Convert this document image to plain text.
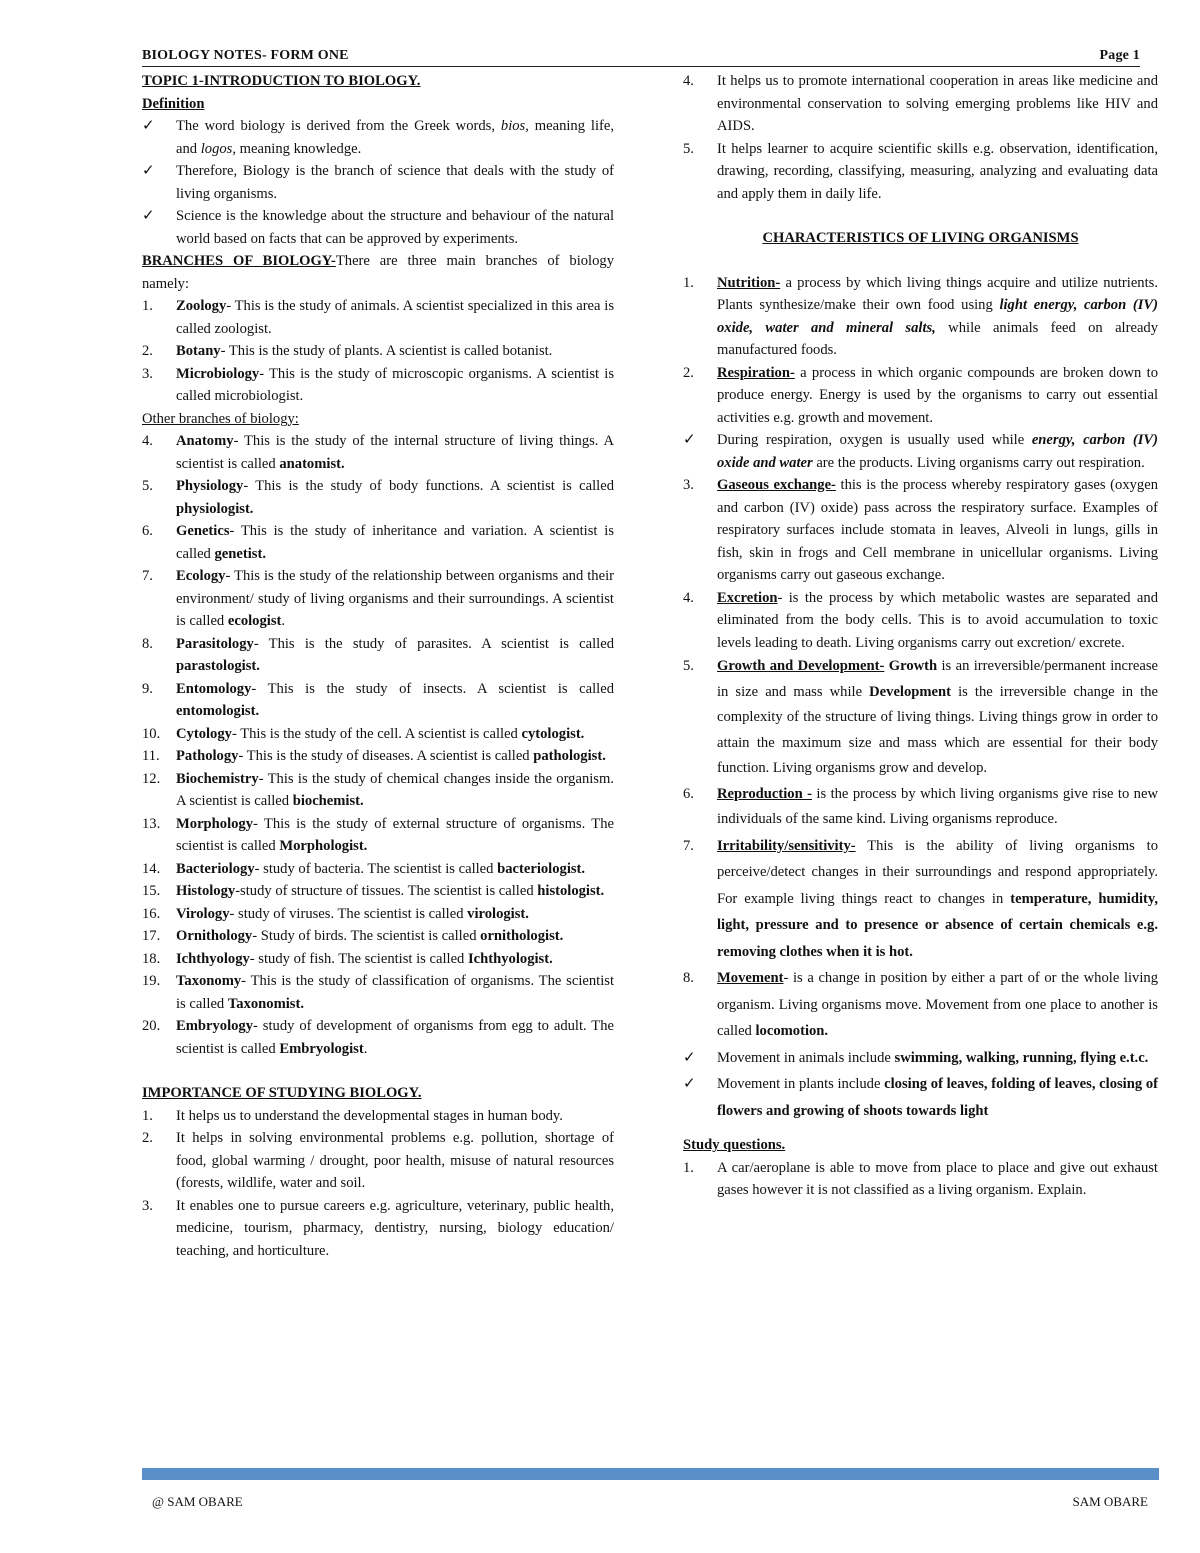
BIOLOGY NOTES- FORM ONE	Page 1

TOPIC 1-INTRODUCTION TO BIOLOGY.

Definition

✓ The word biology is derived from the Greek words, bios, meaning life, and logos, meaning knowledge.
✓ Therefore, Biology is the branch of science that deals with the study of living organisms.
✓ Science is the knowledge about the structure and behaviour of the natural world based on facts that can be approved by experiments.

BRANCHES OF BIOLOGY-There are three main branches of biology namely:

1. Zoology- This is the study of animals. A scientist specialized in this area is called zoologist.
2. Botany- This is the study of plants. A scientist is called botanist.
3. Microbiology- This is the study of microscopic organisms. A scientist is called microbiologist.

Other branches of biology:

4. Anatomy- This is the study of the internal structure of living things. A scientist is called anatomist.
5. Physiology- This is the study of body functions. A scientist is called physiologist.
6. Genetics- This is the study of inheritance and variation. A scientist is called genetist.
7. Ecology- This is the study of the relationship between organisms and their environment/ study of living organisms and their surroundings. A scientist is called ecologist.
8. Parasitology- This is the study of parasites. A scientist is called parastologist.
9. Entomology- This is the study of insects. A scientist is called entomologist.
10. Cytology- This is the study of the cell. A scientist is called cytologist.
11. Pathology- This is the study of diseases. A scientist is called pathologist.
12. Biochemistry- This is the study of chemical changes inside the organism. A scientist is called biochemist.
13. Morphology- This is the study of external structure of organisms. The scientist is called Morphologist.
14. Bacteriology- study of bacteria. The scientist is called bacteriologist.
15. Histology-study of structure of tissues. The scientist is called histologist.
16. Virology- study of viruses. The scientist is called virologist.
17. Ornithology- Study of birds. The scientist is called ornithologist.
18. Ichthyology- study of fish. The scientist is called Ichthyologist.
19. Taxonomy- This is the study of classification of organisms. The scientist is called Taxonomist.
20. Embryology- study of development of organisms from egg to adult. The scientist is called Embryologist.

IMPORTANCE OF STUDYING BIOLOGY.

1. It helps us to understand the developmental stages in human body.
2. It helps in solving environmental problems e.g. pollution, shortage of food, global warming / drought, poor health, misuse of natural resources (forests, wildlife, water and soil.
3. It enables one to pursue careers e.g. agriculture, veterinary, public health, medicine, tourism, pharmacy, dentistry, nursing, biology education/ teaching, and horticulture.
4. It helps us to promote international cooperation in areas like medicine and environmental conservation to solving emerging problems like HIV and AIDS.
5. It helps learner to acquire scientific skills e.g. observation, identification, drawing, recording, classifying, measuring, analyzing and evaluating data and apply them in daily life.

CHARACTERISTICS OF LIVING ORGANISMS

1. Nutrition- a process by which living things acquire and utilize nutrients. Plants synthesize/make their own food using light energy, carbon (IV) oxide, water and mineral salts, while animals feed on already manufactured foods.
2. Respiration- a process in which organic compounds are broken down to produce energy. Energy is used by the organisms to carry out essential activities e.g. growth and movement.
✓ During respiration, oxygen is usually used while energy, carbon (IV) oxide and water are the products. Living organisms carry out respiration.
3. Gaseous exchange- this is the process whereby respiratory gases (oxygen and carbon (IV) oxide) pass across the respiratory surface. Examples of respiratory surfaces include stomata in leaves, Alveoli in lungs, gills in fish, skin in frogs and Cell membrane in unicellular organisms. Living organisms carry out gaseous exchange.
4. Excretion- is the process by which metabolic wastes are separated and eliminated from the body cells. This is to avoid accumulation to toxic levels leading to death. Living organisms carry out excretion/ excrete.
5. Growth and Development- Growth is an irreversible/permanent increase in size and mass while Development is the irreversible change in the complexity of the structure of living things. Living things grow in order to attain the maximum size and mass which are essential for their body function. Living organisms grow and develop.
6. Reproduction - is the process by which living organisms give rise to new individuals of the same kind. Living organisms reproduce.
7. Irritability/sensitivity- This is the ability of living organisms to perceive/detect changes in their surroundings and respond appropriately. For example living things react to changes in temperature, humidity, light, pressure and to presence or absence of certain chemicals e.g. removing clothes when it is hot.
8. Movement- is a change in position by either a part of or the whole living organism. Living organisms move. Movement from one place to another is called locomotion.
✓ Movement in animals include swimming, walking, running, flying e.t.c.
✓ Movement in plants include closing of leaves, folding of leaves, closing of flowers and growing of shoots towards light

Study questions.

1. A car/aeroplane is able to move from place to place and give out exhaust gases however it is not classified as a living organism. Explain.
@ SAM OBARE	SAM OBARE
